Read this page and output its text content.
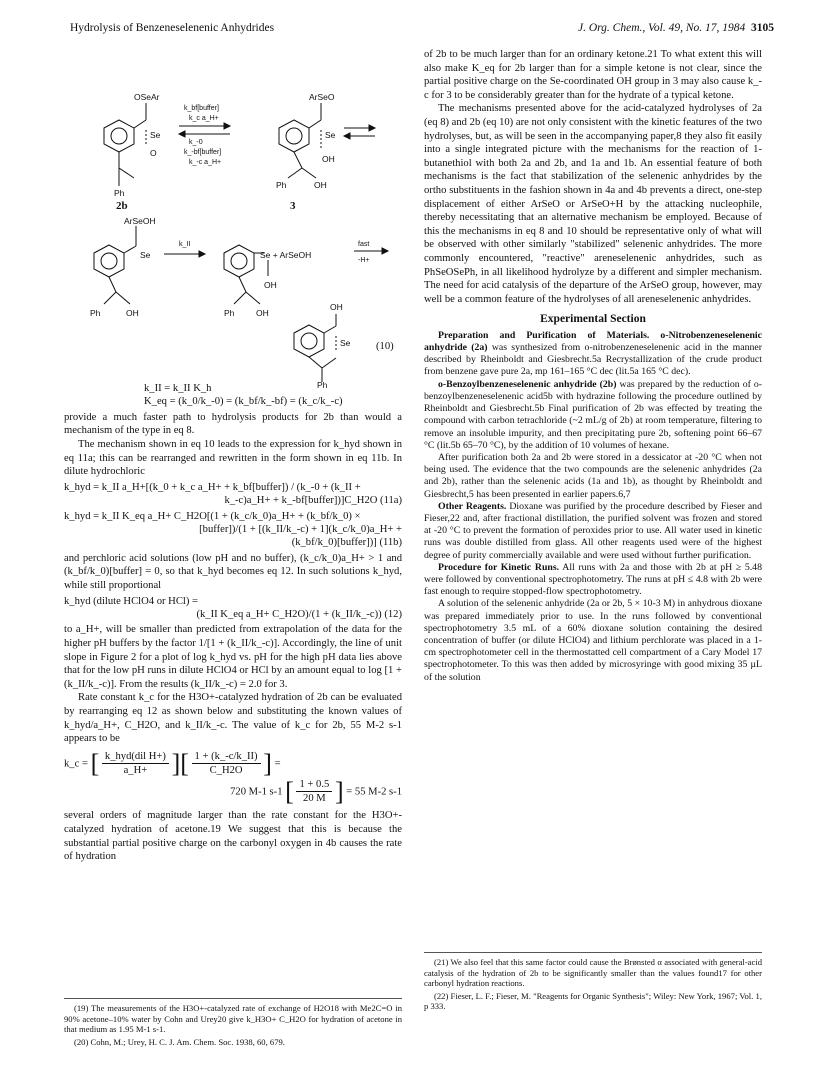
Hydrolysis of Benzeneselenenic Anhydrides	J. Org. Chem., Vol. 49, No. 17, 1984 3105
OSeAr
Se
O
Ph
k_bf[buffer]
k_c a_H+
k_-0
k_-bf[buffer]
k_-c a_H+
ArSeO
Se
OH
Ph	OH
ArSeOH
Se
Ph	OH
k_II
Se + ArSeOH
OH
Ph	OH
fast
-H+
OH
Se
Ph
2b	3
(10)
k_II = k_II K_h
K_eq = (k_0/k_-0) = (k_bf/k_-bf) = (k_c/k_-c)

provide a much faster path to hydrolysis products for 2b than would a mechanism of the type in eq 8.

The mechanism shown in eq 10 leads to the expression for k_hyd shown in eq 11a; this can be rearranged and rewritten in the form shown in eq 11b. In dilute hydrochloric

k_hyd = k_II a_H+[(k_0 + k_c a_H+ + k_bf[buffer]) / (k_-0 + (k_II +
k_-c)a_H+ + k_-bf[buffer])]C_H2O (11a)
k_hyd = k_II K_eq a_H+ C_H2O[(1 + (k_c/k_0)a_H+ + (k_bf/k_0) ×
[buffer])/(1 + [(k_II/k_-c) + 1](k_c/k_0)a_H+ +
(k_bf/k_0)[buffer])] (11b)

and perchloric acid solutions (low pH and no buffer), (k_c/k_0)a_H+ > 1 and (k_bf/k_0)[buffer] = 0, so that k_hyd becomes eq 12. In such solutions k_hyd, while still proportional

k_hyd (dilute HClO4 or HCl) =
(k_II K_eq a_H+ C_H2O)/(1 + (k_II/k_-c)) (12)

to a_H+, will be smaller than predicted from extrapolation of the data for the higher pH buffers by the factor 1/[1 + (k_II/k_-c)]. Accordingly, the line of unit slope in Figure 2 for a plot of log k_hyd vs. pH for the high pH data lies above that for the low pH runs in dilute HClO4 or HCl by an amount equal to log [1 + (k_II/k_-c)]. From the results (k_II/k_-c) = 2.0 for 3.

Rate constant k_c for the H3O+-catalyzed hydration of 2b can be evaluated by rearranging eq 12 as shown below and substituting the known values of k_hyd/a_H+, C_H2O, and k_II/k_-c. The value of k_c for 2b, 55 M-2 s-1 appears to be

k_c = [ $\frac{\text{k\_hyd(dil H+)}}{a\_H+}$ ][ $\frac{1 + (k\_-c/k\_II)}{C\_H2O}$ ] =
720 M-1 s-1 [ $\frac{1 + 0.5}{20 M}$ ] = 55 M-2 s-1

several orders of magnitude larger than the rate constant for the H3O+-catalyzed hydration of acetone.19 We suggest that this is because the substantial partial positive charge on the carbonyl oxygen in 4b causes the rate of hydration

of 2b to be much larger than for an ordinary ketone.21 To what extent this will also make K_eq for 2b larger than for a simple ketone is not clear, since the partial positive charge on the Se-coordinated OH group in 3 may also cause k_-c for 3 to be considerably greater than for the hydrate of a typical ketone.

The mechanisms presented above for the acid-catalyzed hydrolyses of 2a (eq 8) and 2b (eq 10) are not only consistent with the kinetic features of the two hydrolyses, but, as will be seen in the accompanying paper,8 they also fit easily into a single integrated picture with the mechanisms for the reaction of 1-butanethiol with both 2a and 2b, and 1a and 1b. An essential feature of both mechanisms is the fact that stabilization of the selenenic anhydrides by the ortho substituents in the fashion shown in 4a and 4b prevents a direct, one-step displacement of either ArSeO or ArSeO+H by the attacking nucleophile, thereby necessitating that an alternative mechanism be employed. Because of this the mechanisms in eq 8 and 10 should be representative only of what will be observed with other similarly "stabilized" selenenic anhydrides. The more commonly encountered, "reactive" areneselenenic anhydrides, such as PhSeOSePh, in all likelihood hydrolyze by a different and simpler mechanism. The need for acid catalysis of the departure of the ArSeO group, however, may well be a common feature of the hydrolyses of all areneselenenic anhydrides.

Experimental Section

Preparation and Purification of Materials. o-Nitrobenzeneselenenic anhydride (2a) was synthesized from o-nitrobenzeneselenenic acid in the manner described by Rheinboldt and Giesbrecht.5a Recrystallization of the crude product from benzene gave pure 2a, mp 161–165 °C dec (lit.5a 165 °C dec).

o-Benzoylbenzeneselenenic anhydride (2b) was prepared by the reduction of o-benzoylbenzeneselenenic acid5b with hydrazine following the procedure outlined by Rheinboldt and Giesbrecht.5b Final purification of 2b was effected by treating the compound with carbon tetrachloride (~2 mL/g of 2b) at room temperature, filtering to remove an insoluble impurity, and then precipitating pure 2b, softening point 66–67 °C (lit.5b 65–70 °C), by the addition of 10 volumes of hexane.

After purification both 2a and 2b were stored in a dessicator at -20 °C when not being used. The evidence that the two compounds are the selenenic anhydrides (2a and 2b), rather than the selenenic acids (1a and 1b), as thought by Rheinboldt and Giesbrecht,5 has been presented in earlier papers.6,7

Other Reagents. Dioxane was purified by the procedure described by Fieser and Fieser,22 and, after fractional distillation, the purified solvent was frozen and stored at -20 °C to prevent the formation of peroxides prior to use. All water used in kinetic runs was double distilled from glass. All other reagents used were of the highest degree of purity commercially available and were used without further purification.

Procedure for Kinetic Runs. All runs with 2a and those with 2b at pH ≥ 5.48 were followed by conventional spectrophotometry. The runs at pH ≤ 4.8 with 2b were fast enough to require stopped-flow spectrophotometry.

A solution of the selenenic anhydride (2a or 2b, 5 × 10-3 M) in anhydrous dioxane was prepared immediately prior to use. In the runs followed by conventional spectrophotometry 3.5 mL of a 60% dioxane solution containing the desired concentration of buffer (or dilute HClO4) and lithium perchlorate was placed in a 1-cm spectrophotometer cell in the thermostatted cell compartment of a Cary Model 17 spectrophotometer. To this was then added by microsyringe with good mixing 35 µL of the solution

(19) The measurements of the H3O+-catalyzed rate of exchange of H2O18 with Me2C=O in 90% acetone–10% water by Cohn and Urey20 give k_H3O+ C_H2O for hydration of acetone in that medium as 1.95 M-1 s-1.

(20) Cohn, M.; Urey, H. C. J. Am. Chem. Soc. 1938, 60, 679.

(21) We also feel that this same factor could cause the Brønsted α associated with general-acid catalysis of the hydration of 2b to be significantly smaller than the values found17 for other carbonyl hydration reactions.

(22) Fieser, L. F.; Fieser, M. "Reagents for Organic Synthesis"; Wiley: New York, 1967; Vol. 1, p 333.
